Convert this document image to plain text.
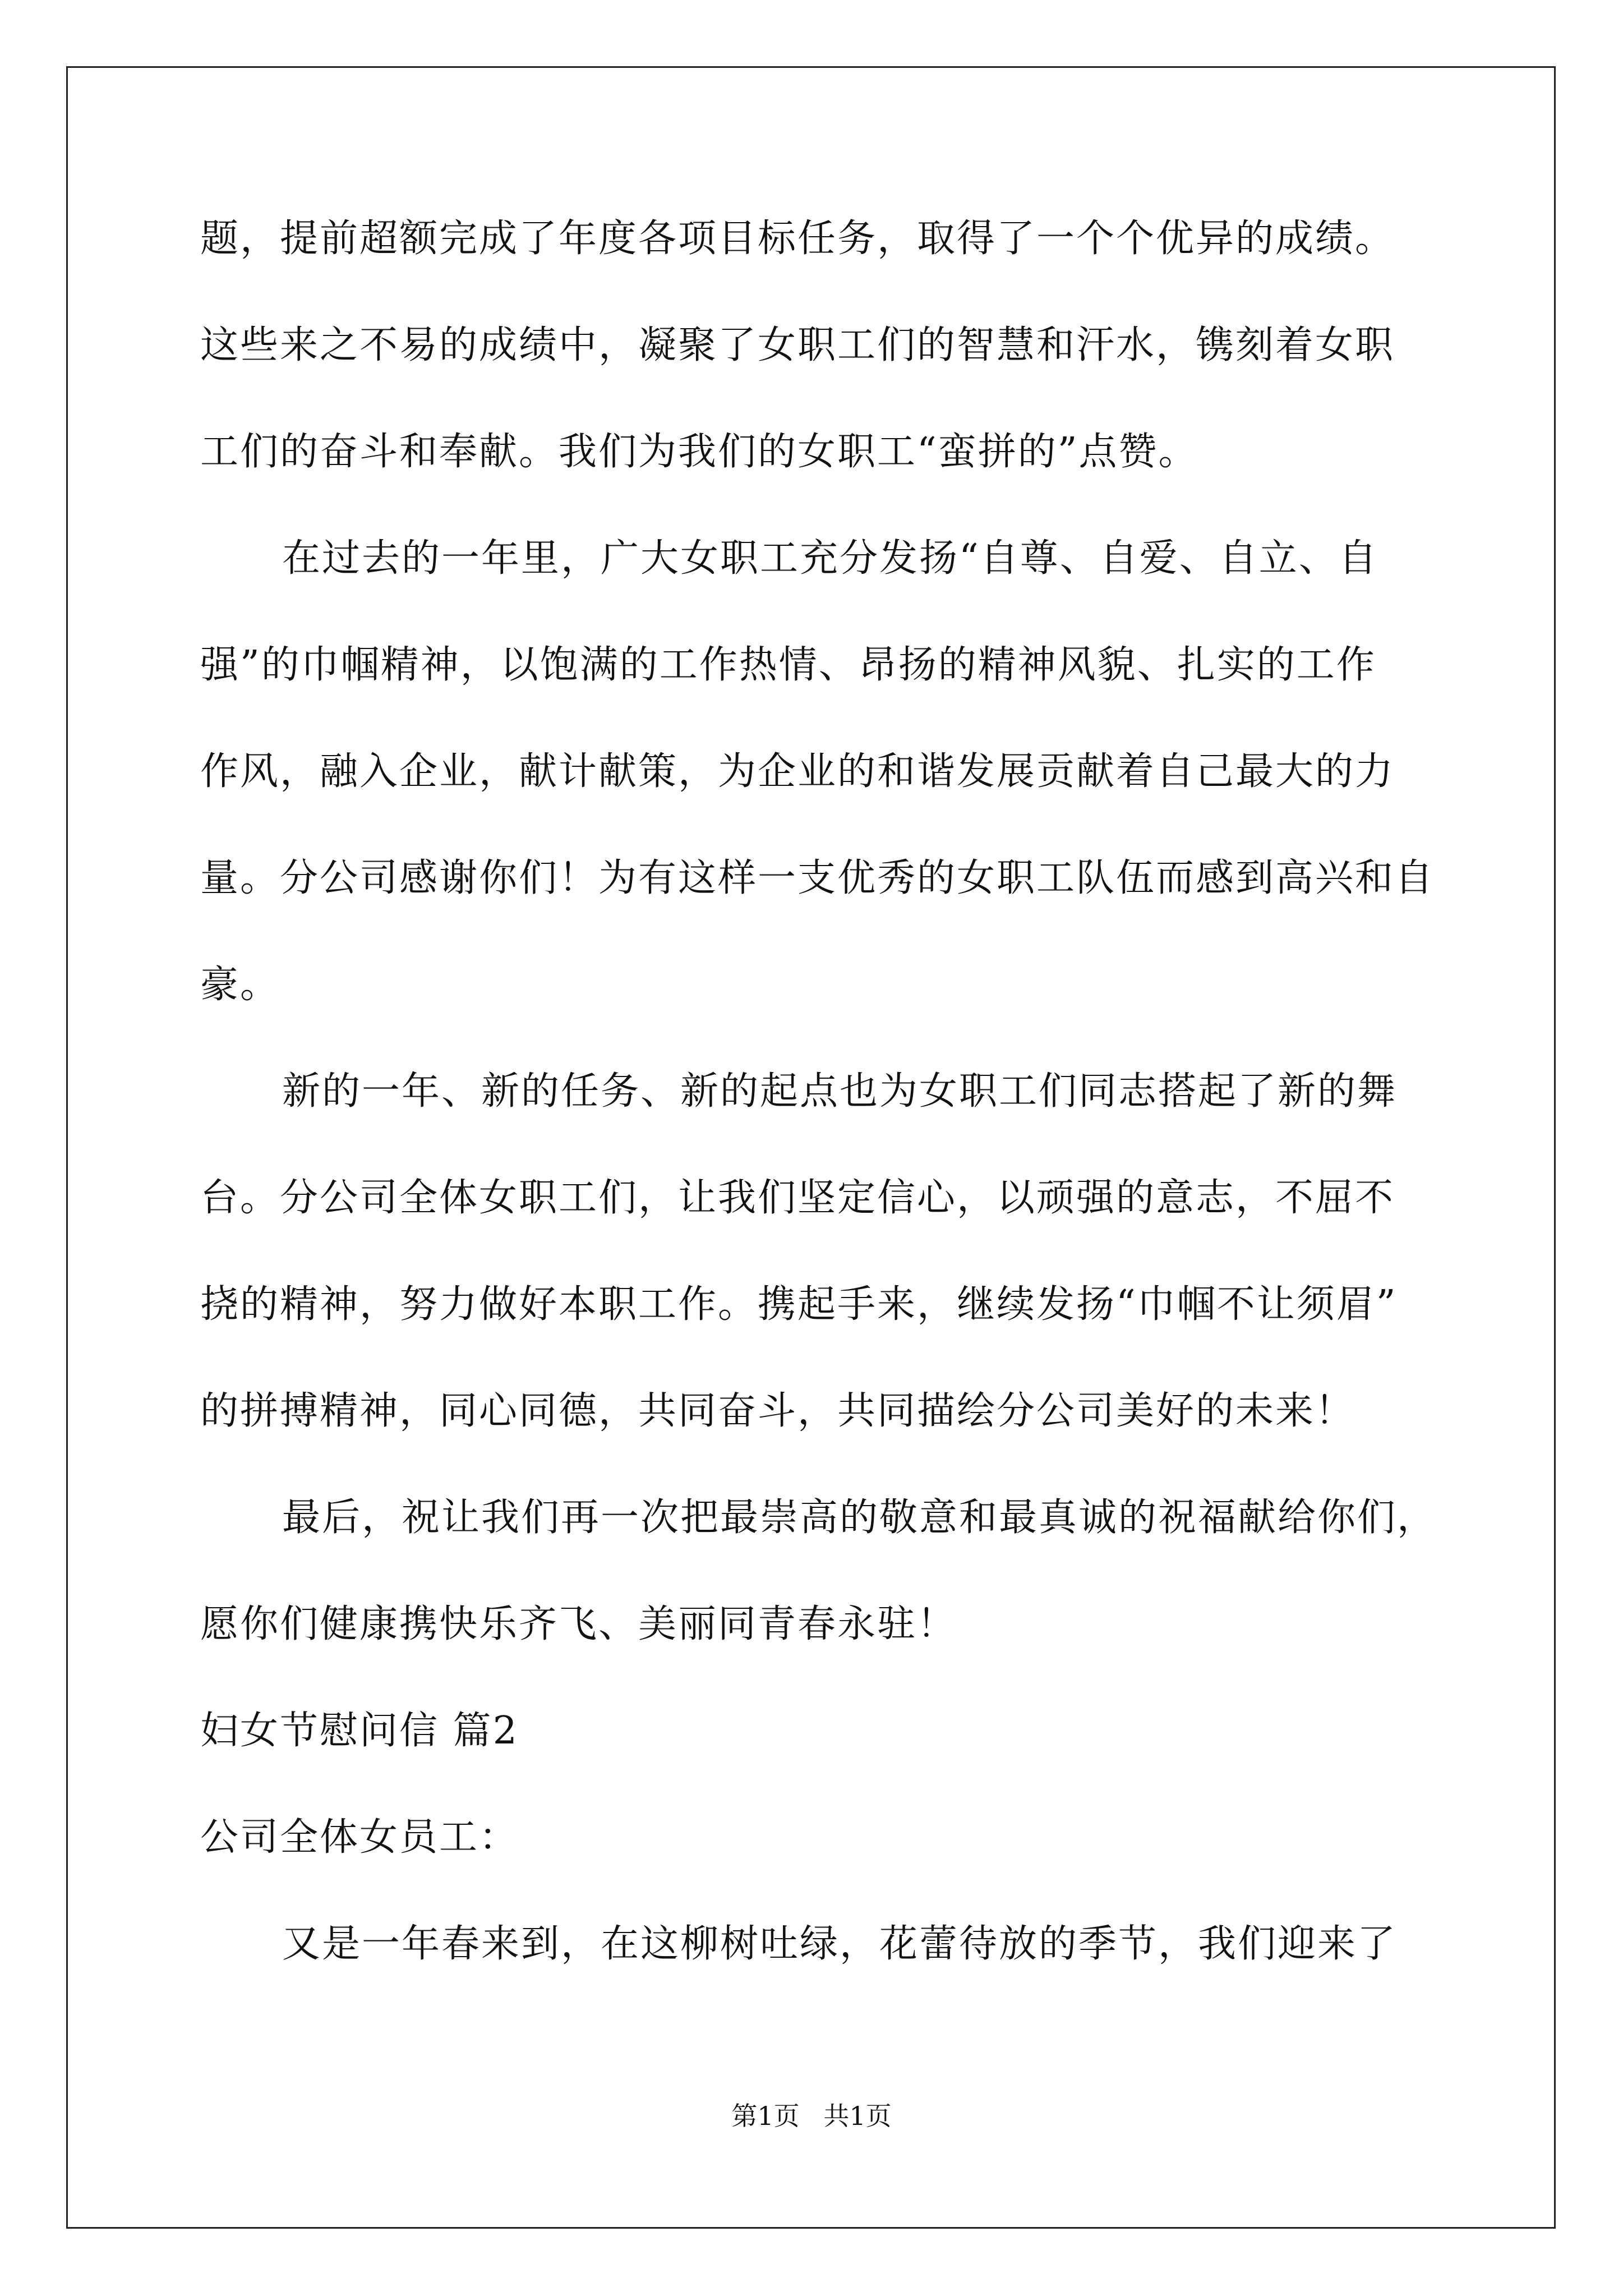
题，提前超额完成了年度各项目标任务，取得了一个个优异的成绩。
这些来之不易的成绩中，凝聚了女职工们的智慧和汗水，镌刻着女职
工们的奋斗和奉献。我们为我们的女职工“蛮拼的”点赞。
在过去的一年里，广大女职工充分发扬“自尊、自爱、自立、自
强”的巾帼精神，以饱满的工作热情、昂扬的精神风貌、扎实的工作
作风，融入企业，献计献策，为企业的和谐发展贡献着自己最大的力
量。分公司感谢你们！为有这样一支优秀的女职工队伍而感到高兴和自
豪。
新的一年、新的任务、新的起点也为女职工们同志搭起了新的舞
台。分公司全体女职工们，让我们坚定信心，以顽强的意志，不屈不
挠的精神，努力做好本职工作。携起手来，继续发扬“巾帼不让须眉”
的拼搏精神，同心同德，共同奋斗，共同描绘分公司美好的未来！
最后，祝让我们再一次把最崇高的敬意和最真诚的祝福献给你们，
愿你们健康携快乐齐飞、美丽同青春永驻！
妇女节慰问信 篇2
公司全体女员工：
又是一年春来到，在这柳树吐绿，花蕾待放的季节，我们迎来了
第1页 共1页
